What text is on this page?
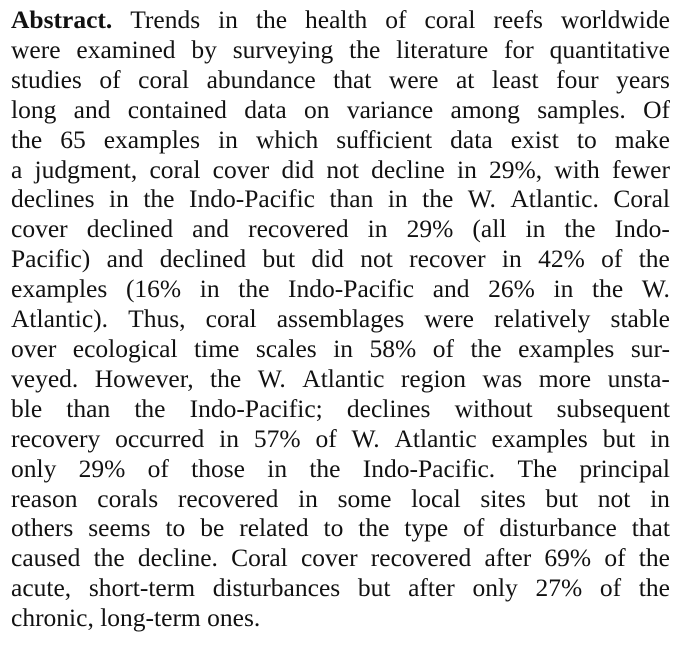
Abstract. Trends in the health of coral reefs worldwide
were examined by surveying the literature for quantitative
studies of coral abundance that were at least four years
long and contained data on variance among samples. Of
the 65 examples in which sufficient data exist to make
a judgment, coral cover did not decline in 29%, with fewer
declines in the Indo-Pacific than in the W. Atlantic. Coral
cover declined and recovered in 29% (all in the Indo-
Pacific) and declined but did not recover in 42% of the
examples (16% in the Indo-Pacific and 26% in the W.
Atlantic). Thus, coral assemblages were relatively stable
over ecological time scales in 58% of the examples sur-
veyed. However, the W. Atlantic region was more unsta-
ble than the Indo-Pacific; declines without subsequent
recovery occurred in 57% of W. Atlantic examples but in
only 29% of those in the Indo-Pacific. The principal
reason corals recovered in some local sites but not in
others seems to be related to the type of disturbance that
caused the decline. Coral cover recovered after 69% of the
acute, short-term disturbances but after only 27% of the
chronic, long-term ones.
